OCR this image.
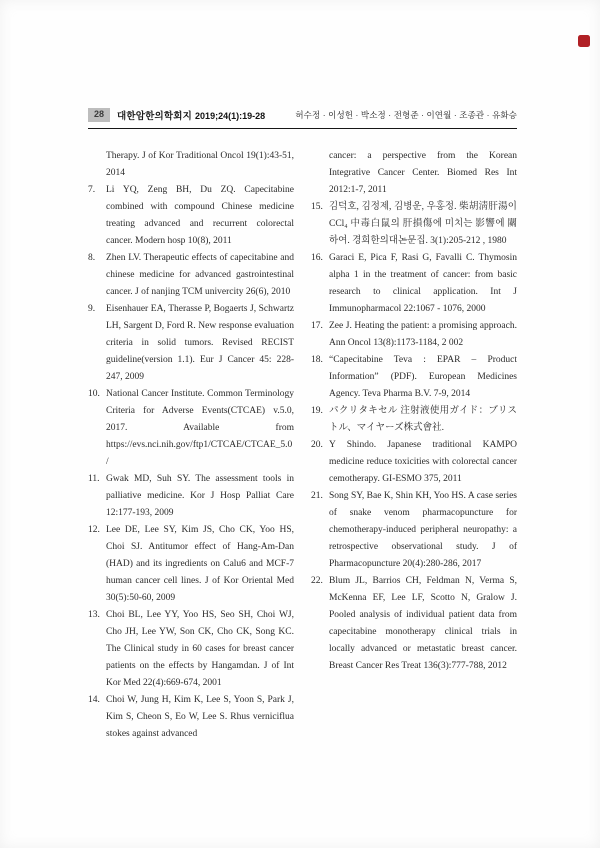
28	대한암한의학회지 2019;24(1):19-28	허수정 · 이성헌 · 박소정 · 전형준 · 이연월 · 조종관 · 유화승
Therapy. J of Kor Traditional Oncol 19(1):43-51, 2014
7.	Li YQ, Zeng BH, Du ZQ. Capecitabine combined with compound Chinese medicine treating advanced and recurrent colorectal cancer. Modern hosp 10(8), 2011
8.	Zhen LV. Therapeutic effects of capecitabine and chinese medicine for advanced gastrointestinal cancer. J of nanjing TCM univercity 26(6), 2010
9.	Eisenhauer EA, Therasse P, Bogaerts J, Schwartz LH, Sargent D, Ford R. New response evaluation criteria in solid tumors. Revised RECIST guideline(version 1.1). Eur J Cancer 45: 228-247, 2009
10. National Cancer Institute. Common Terminology Criteria for Adverse Events(CTCAE) v.5.0, 2017. Available from https://evs.nci.nih.gov/ftp1/CTCAE/CTCAE_5.0/
11. Gwak MD, Suh SY. The assessment tools in palliative medicine. Kor J Hosp Palliat Care 12:177-193, 2009
12. Lee DE, Lee SY, Kim JS, Cho CK, Yoo HS, Choi SJ. Antitumor effect of Hang-Am-Dan (HAD) and its ingredients on Calu6 and MCF-7 human cancer cell lines. J of Kor Oriental Med 30(5):50-60, 2009
13. Choi BL, Lee YY, Yoo HS, Seo SH, Choi WJ, Cho JH, Lee YW, Son CK, Cho CK, Song KC. The Clinical study in 60 cases for breast cancer patients on the effects by Hangamdan. J of Int Kor Med 22(4):669-674, 2001
14. Choi W, Jung H, Kim K, Lee S, Yoon S, Park J, Kim S, Cheon S, Eo W, Lee S. Rhus verniciflua stokes against advanced
cancer: a perspective from the Korean Integrative Cancer Center. Biomed Res Int 2012:1-7, 2011
15. 김덕호, 김정제, 김병운, 우홍정. 柴胡淸肝湯이 CCl₄ 中毒白鼠의 肝損傷에 미치는 影響에 關하여. 경희한의대논문집. 3(1):205-212 , 1980
16. Garaci E, Pica F, Rasi G, Favalli C. Thymosin alpha 1 in the treatment of cancer: from basic research to clinical application. Int J Immunopharmacol 22:1067 - 1076, 2000
17. Zee J. Heating the patient: a promising approach. Ann Oncol 13(8):1173-1184, 2 002
18. “Capecitabine Teva : EPAR – Product Information” (PDF). European Medicines Agency. Teva Pharma B.V. 7-9, 2014
19. パクリタキセル 注射液使用ガイド：ブリストル、マイヤーズ株式會社.
20. Y Shindo. Japanese traditional KAMPO medicine reduce toxicities with colorectal cancer cemotherapy. GI-ESMO 375, 2011
21. Song SY, Bae K, Shin KH, Yoo HS. A case series of snake venom pharmacopuncture for chemotherapy-induced peripheral neuropathy: a retrospective observational study. J of Pharmacopuncture 20(4):280-286, 2017
22. Blum JL, Barrios CH, Feldman N, Verma S, McKenna EF, Lee LF, Scotto N, Gralow J. Pooled analysis of individual patient data from capecitabine monotherapy clinical trials in locally advanced or metastatic breast cancer. Breast Cancer Res Treat 136(3):777-788, 2012
